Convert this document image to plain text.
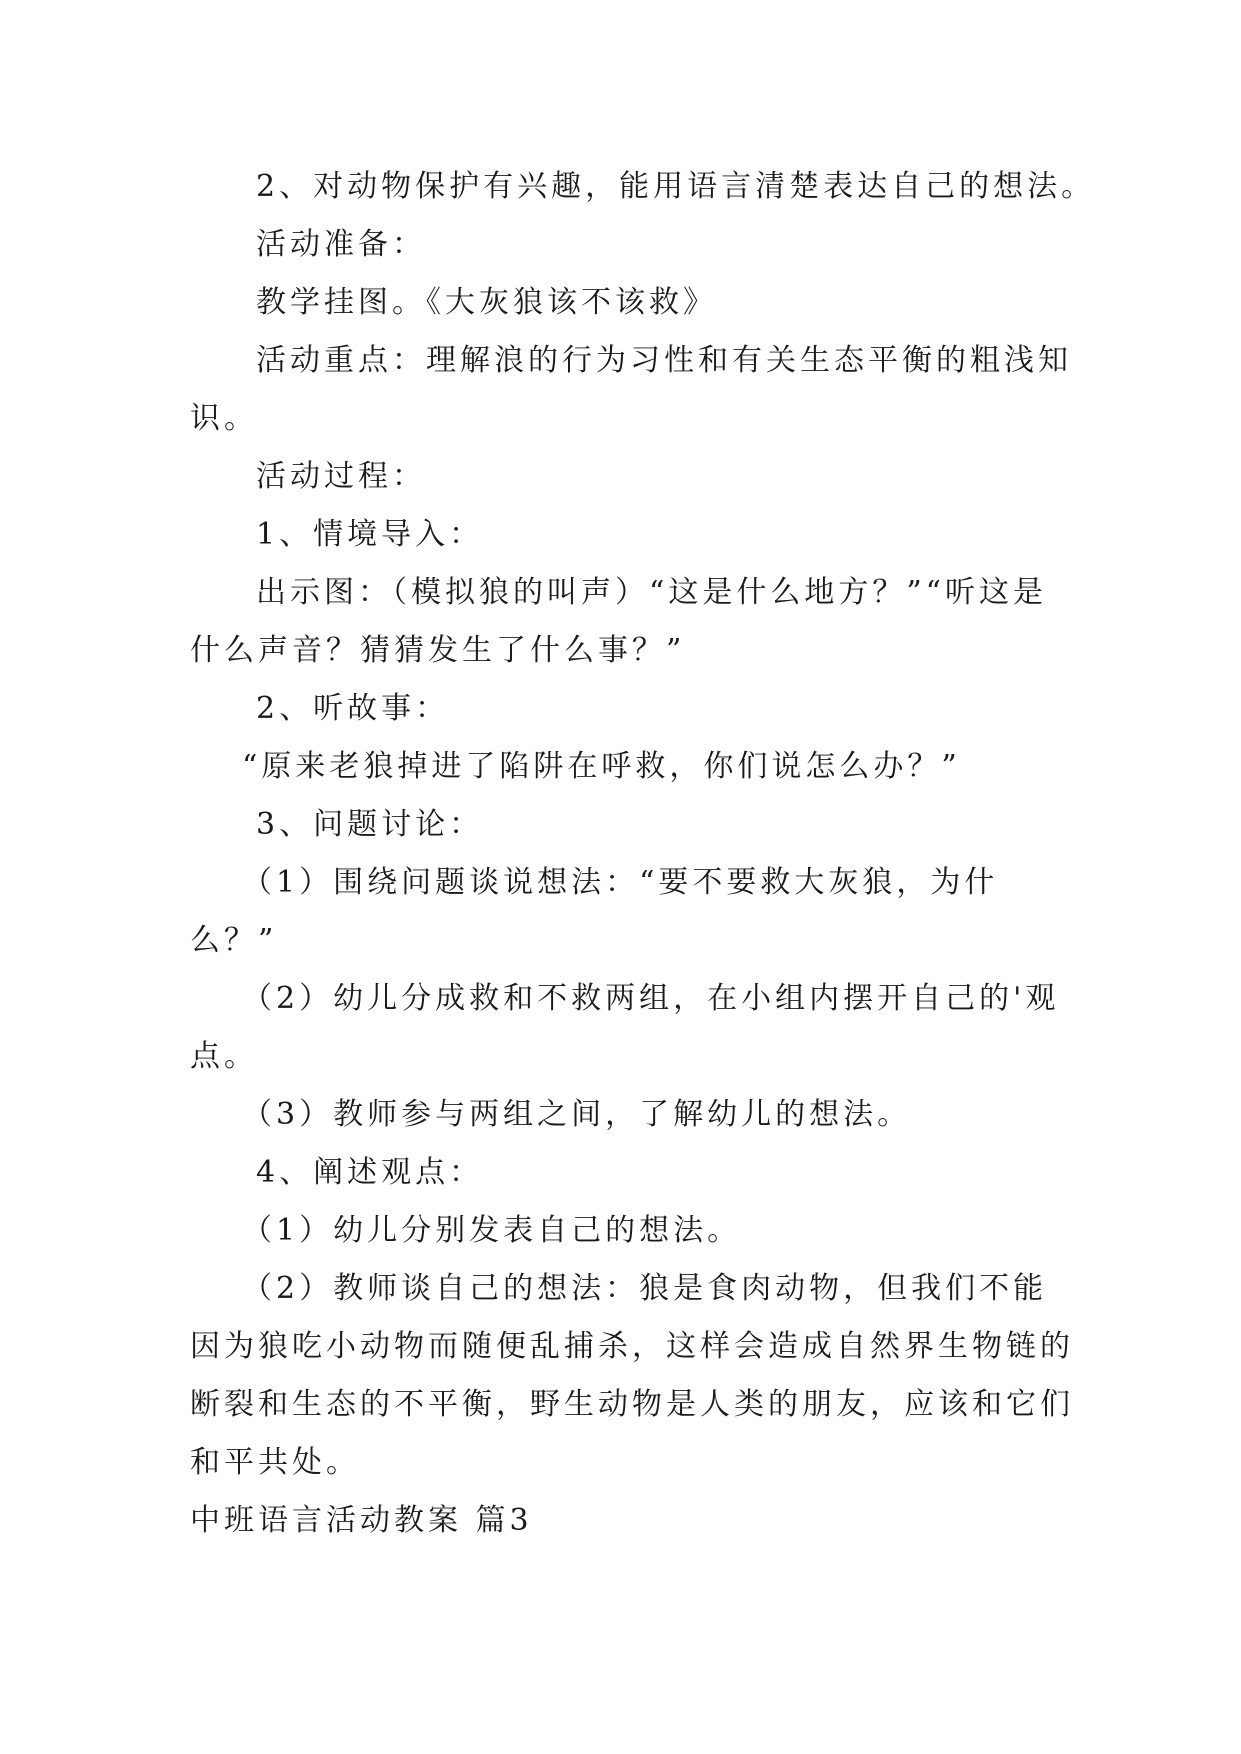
2、对动物保护有兴趣，能用语言清楚表达自己的想法。

活动准备：

教学挂图。《大灰狼该不该救》

活动重点：理解浪的行为习性和有关生态平衡的粗浅知
识。

活动过程：

1、情境导入：

出示图：（模拟狼的叫声）“这是什么地方？”“听这是
什么声音？猜猜发生了什么事？”

2、听故事：

“原来老狼掉进了陷阱在呼救，你们说怎么办？”

3、问题讨论：

（1）围绕问题谈说想法：“要不要救大灰狼，为什
么？”

（2）幼儿分成救和不救两组，在小组内摆开自己的'观
点。

（3）教师参与两组之间，了解幼儿的想法。

4、阐述观点：

（1）幼儿分别发表自己的想法。

（2）教师谈自己的想法：狼是食肉动物，但我们不能
因为狼吃小动物而随便乱捕杀，这样会造成自然界生物链的
断裂和生态的不平衡，野生动物是人类的朋友，应该和它们
和平共处。

中班语言活动教案 篇3
